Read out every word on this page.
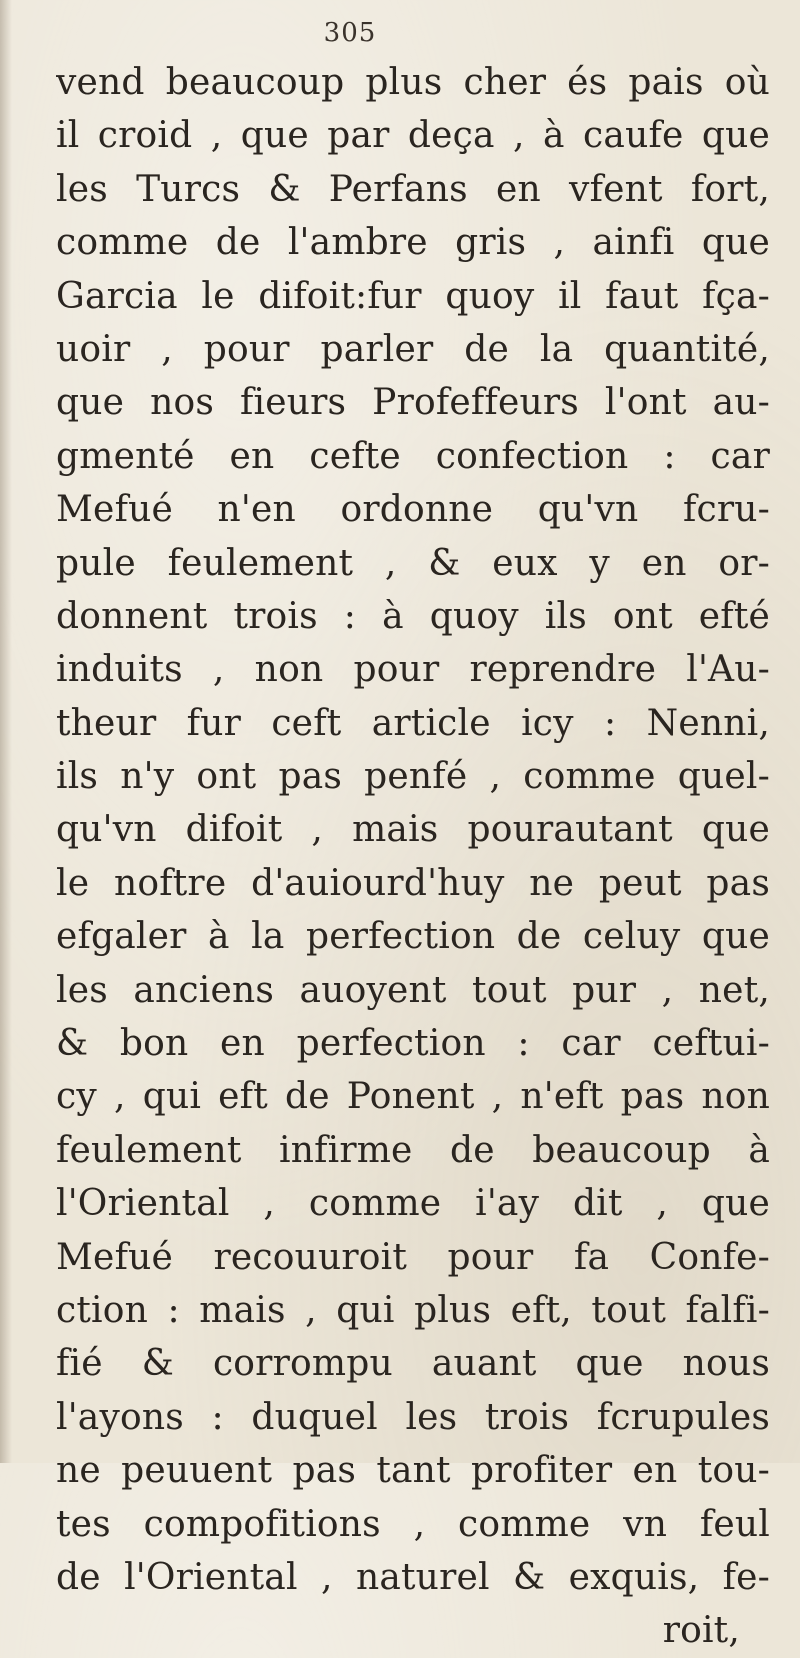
305
vend beaucoup plus cher és pais où
il croid , que par deça , à caufe que
les Turcs & Perfans en vfent fort,
comme de l'ambre gris , ainfi que
Garcia le difoit:fur quoy il faut fça-
uoir , pour parler de la quantité,
que nos fieurs Profeffeurs l'ont au-
gmenté en cefte confection : car
Mefué n'en ordonne qu'vn fcru-
pule feulement , & eux y en or-
donnent trois : à quoy ils ont efté
induits , non pour reprendre l'Au-
theur fur ceft article icy : Nenni,
ils n'y ont pas penfé , comme quel-
qu'vn difoit , mais pourautant que
le noftre d'auiourd'huy ne peut pas
efgaler à la perfection de celuy que
les anciens auoyent tout pur , net,
& bon en perfection : car ceftui-
cy , qui eft de Ponent , n'eft pas non
feulement infirme de beaucoup à
l'Oriental , comme i'ay dit , que
Mefué recouuroit pour fa Confe-
ction : mais , qui plus eft, tout falfi-
fié & corrompu auant que nous
l'ayons : duquel les trois fcrupules
ne peuuent pas tant profiter en tou-
tes compofitions , comme vn feul
de l'Oriental , naturel & exquis, fe-
roit,
